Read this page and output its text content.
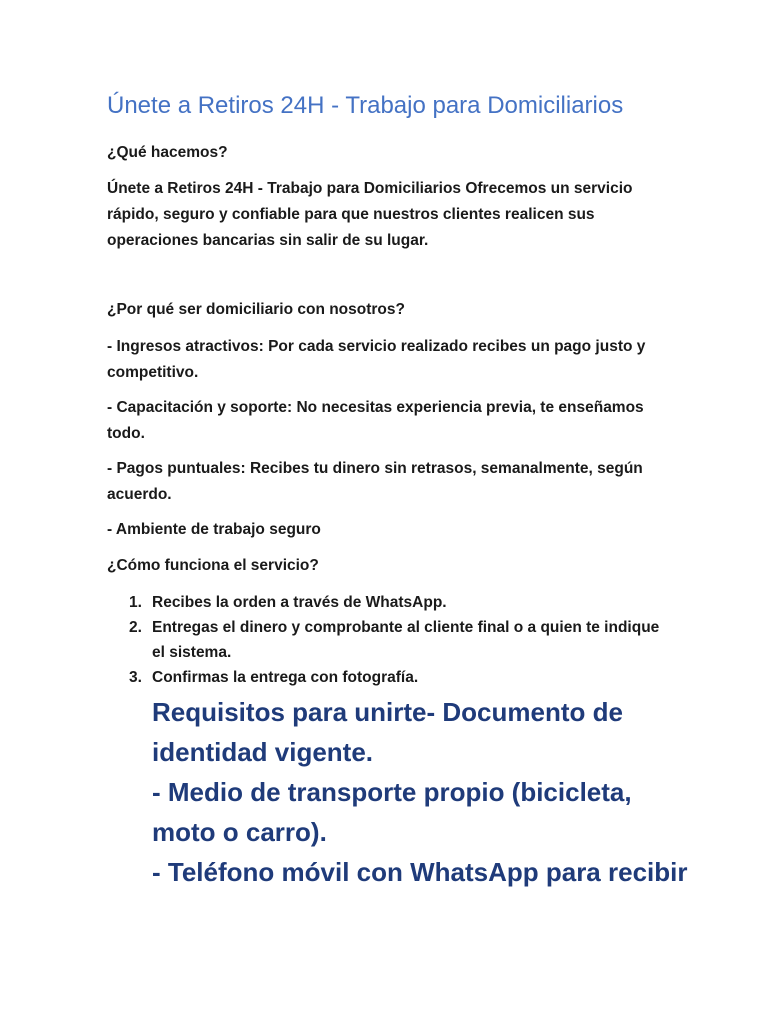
Únete a Retiros 24H - Trabajo para Domiciliarios

¿Qué hacemos?

Únete a Retiros 24H - Trabajo para Domiciliarios Ofrecemos un servicio rápido, seguro y confiable para que nuestros clientes realicen sus operaciones bancarias sin salir de su lugar.

¿Por qué ser domiciliario con nosotros?

- Ingresos atractivos: Por cada servicio realizado recibes un pago justo y competitivo.

- Capacitación y soporte: No necesitas experiencia previa, te enseñamos todo.

- Pagos puntuales: Recibes tu dinero sin retrasos, semanalmente, según acuerdo.

- Ambiente de trabajo seguro

¿Cómo funciona el servicio?

1. Recibes la orden a través de WhatsApp.
2. Entregas el dinero y comprobante al cliente final o a quien te indique el sistema.
3. Confirmas la entrega con fotografía.
Requisitos para unirte- Documento de
identidad vigente.
- Medio de transporte propio (bicicleta,
moto o carro).
- Teléfono móvil con WhatsApp para recibir
